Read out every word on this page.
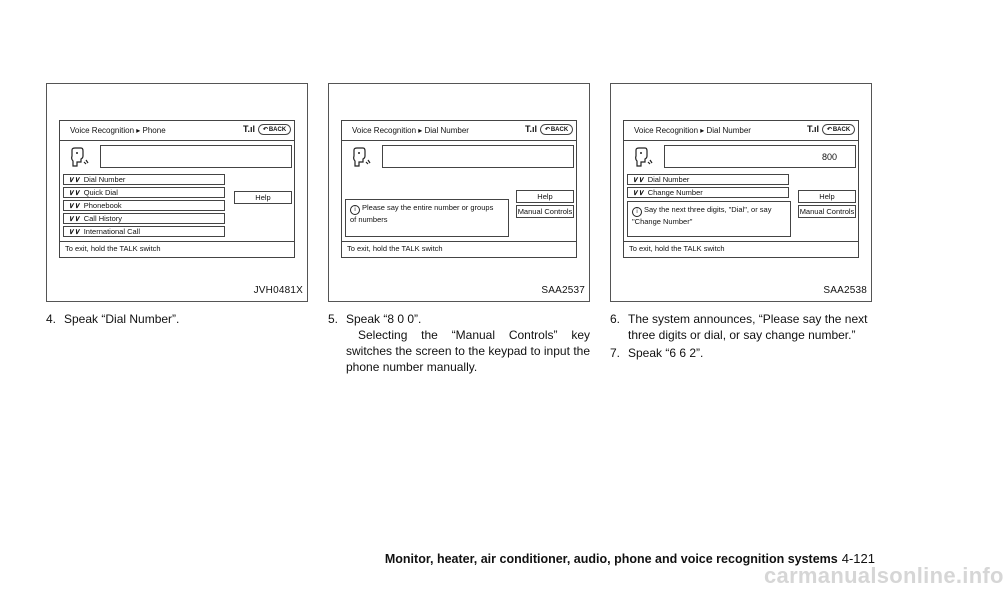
Voice Recognition ▸ Phone	T.ıl ↶ BACK
∨∨ Dial Number
∨∨ Quick Dial
∨∨ Phonebook
∨∨ Call History
∨∨ International Call
Help
To exit, hold the TALK switch
JVH0481X
Voice Recognition ▸ Dial Number	T.ıl ↶ BACK
i Please say the entire number or groups
of numbers
Help
Manual Controls
To exit, hold the TALK switch
SAA2537
Voice Recognition ▸ Dial Number	T.ıl ↶ BACK
800
∨∨ Dial Number
∨∨ Change Number
i Say the next three digits, "Dial", or say
"Change Number"
Help
Manual Controls
To exit, hold the TALK switch
SAA2538
4. Speak “Dial Number”.	5. Speak “8 0 0”.
Selecting the “Manual Controls” key switches the screen to the keypad to input the phone number manually.
6. The system announces, “Please say the next
three digits or dial, or say change number.”
7. Speak “6 6 2”.
Monitor, heater, air conditioner, audio, phone and voice recognition systems 4-121
carmanualsonline.info
